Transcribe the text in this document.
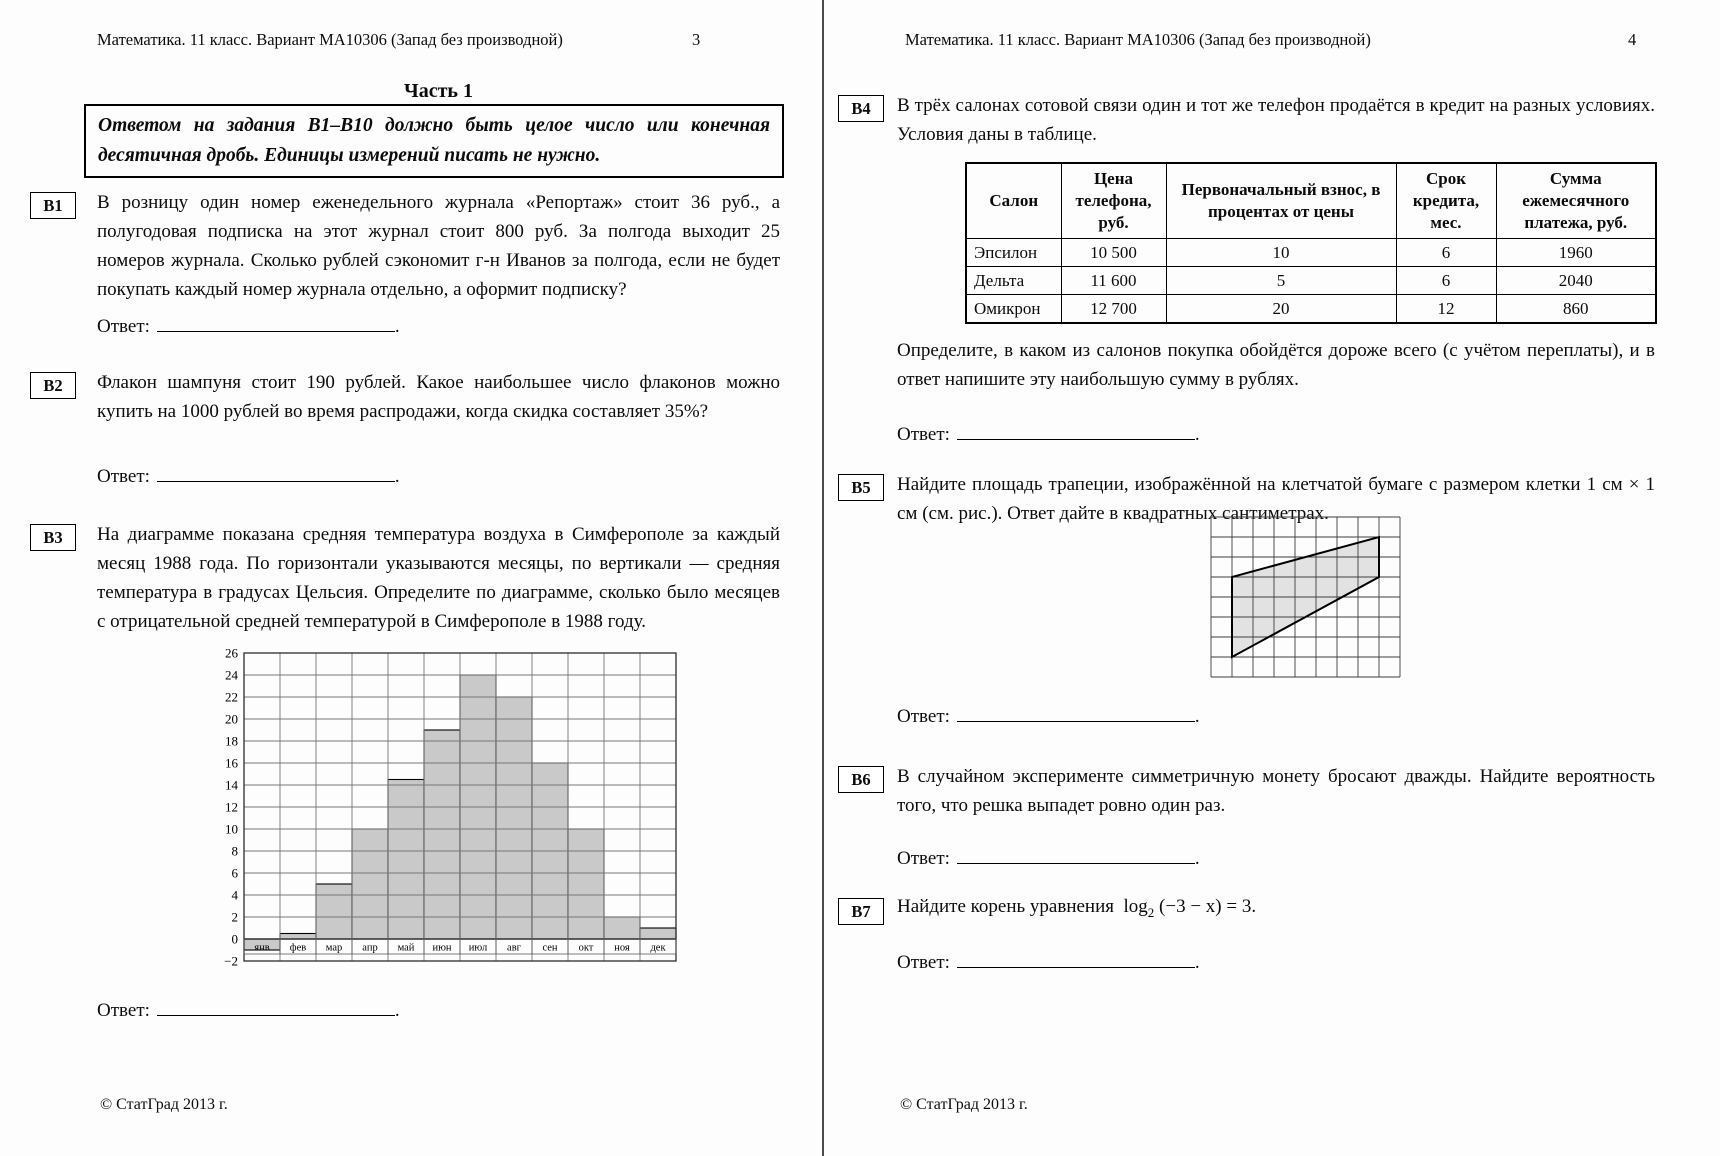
Математика. 11 класс. Вариант МА10306 (Запад без производной)	3
Часть 1
Ответом на задания В1–В10 должно быть целое число или конечная десятичная дробь. Единицы измерений писать не нужно.
В1	В розницу один номер еженедельного журнала «Репортаж» стоит 36 руб., а полугодовая подписка на этот журнал стоит 800 руб. За полгода выходит 25 номеров журнала. Сколько рублей сэкономит г-н Иванов за полгода, если не будет покупать каждый номер журнала отдельно, а оформит подписку?
Ответ:	.
В2	Флакон шампуня стоит 190 рублей. Какое наибольшее число флаконов можно купить на 1000 рублей во время распродажи, когда скидка составляет 35%?
Ответ:	.
В3	На диаграмме показана средняя температура воздуха в Симферополе за каждый месяц 1988 года. По горизонтали указываются месяцы, по вертикали — средняя температура в градусах Цельсия. Определите по диаграмме, сколько было месяцев с отрицательной средней температурой в Симферополе в 1988 году.
−2
0
2
4
6
8
10
12
14
16
18
20
22
24
26
янв фев мар апр май июн июл авг сен окт ноя дек
Ответ:	.
© СтатГрад 2013 г.
Математика. 11 класс. Вариант МА10306 (Запад без производной)	4
В4	В трёх салонах сотовой связи один и тот же телефон продаётся в кредит на разных условиях. Условия даны в таблице.
Салон	Цена телефона, руб.	Первоначальный взнос, в процентах от цены	Срок кредита, мес.	Сумма ежемесячного платежа, руб.
Эпсилон	10 500	10	6	1960
Дельта	11 600	5	6	2040
Омикрон	12 700	20	12	860
Определите, в каком из салонов покупка обойдётся дороже всего (с учётом переплаты), и в ответ напишите эту наибольшую сумму в рублях.
Ответ:	.
В5	Найдите площадь трапеции, изображённой на клетчатой бумаге с размером клетки 1 см × 1 см (см. рис.). Ответ дайте в квадратных сантиметрах.
Ответ:	.
В6	В случайном эксперименте симметричную монету бросают дважды. Найдите вероятность того, что решка выпадет ровно один раз.
Ответ:	.
В7	Найдите корень уравнения $\log_2 (-3 - x) = 3$.
Ответ:	.
© СтатГрад 2013 г.
